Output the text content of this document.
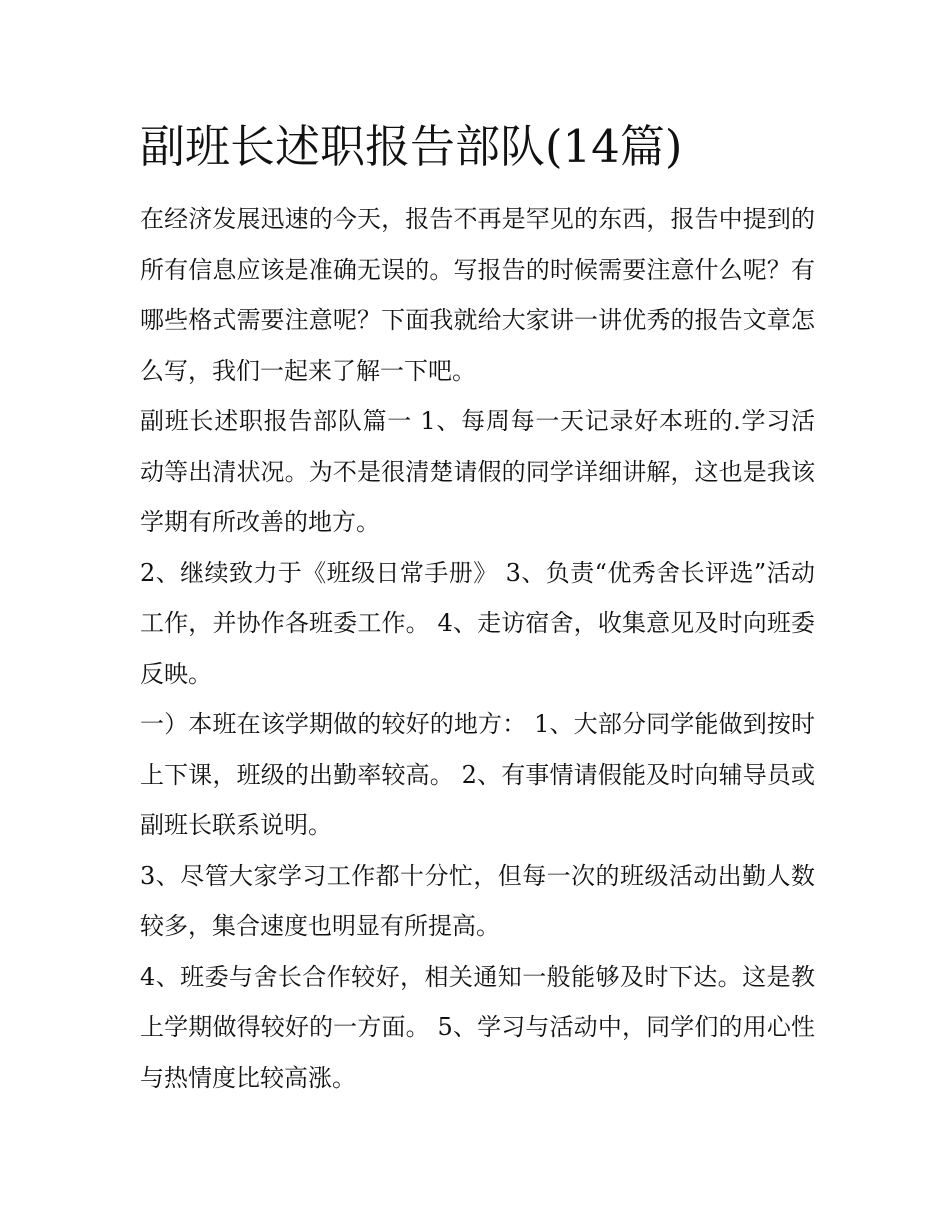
副班长述职报告部队(14篇)

在经济发展迅速的今天，报告不再是罕见的东西，报告中提到的所有信息应该是准确无误的。写报告的时候需要注意什么呢？有哪些格式需要注意呢？下面我就给大家讲一讲优秀的报告文章怎么写，我们一起来了解一下吧。

副班长述职报告部队篇一 1、每周每一天记录好本班的.学习活动等出清状况。为不是很清楚请假的同学详细讲解，这也是我该学期有所改善的地方。

2、继续致力于《班级日常手册》 3、负责“优秀舍长评选”活动工作，并协作各班委工作。 4、走访宿舍，收集意见及时向班委反映。

一）本班在该学期做的较好的地方： 1、大部分同学能做到按时上下课，班级的出勤率较高。 2、有事情请假能及时向辅导员或副班长联系说明。

3、尽管大家学习工作都十分忙，但每一次的班级活动出勤人数较多，集合速度也明显有所提高。

4、班委与舍长合作较好，相关通知一般能够及时下达。这是教上学期做得较好的一方面。 5、学习与活动中，同学们的用心性与热情度比较高涨。
